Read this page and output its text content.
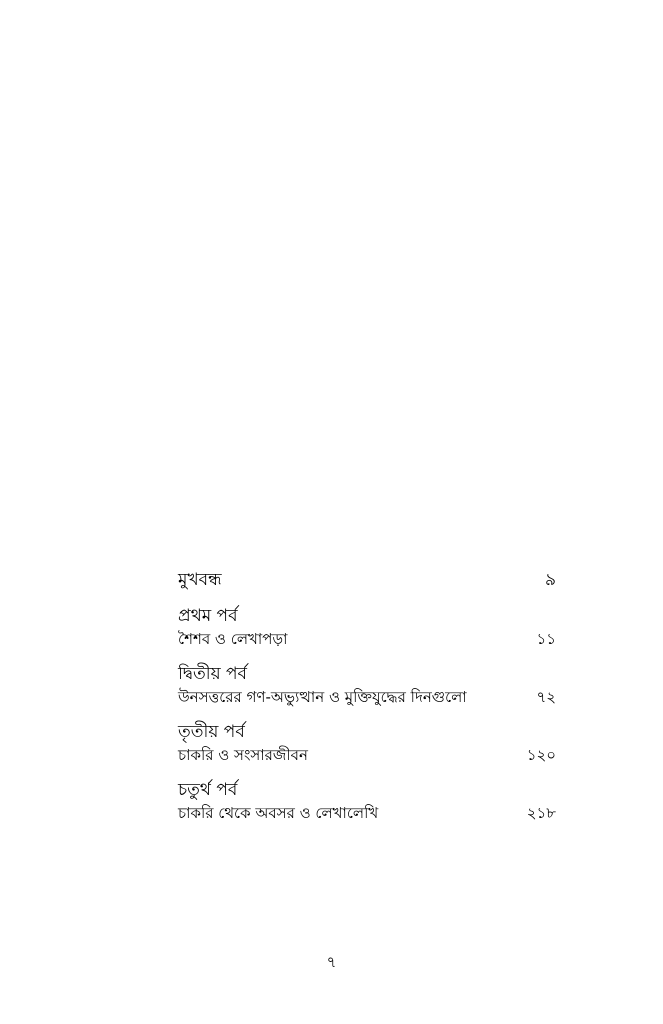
মুখবন্ধ	৯
প্রথম পর্ব
শৈশব ও লেখাপড়া	১১
দ্বিতীয় পর্ব
উনসত্তরের গণ-অভ্যুত্থান ও মুক্তিযুদ্ধের দিনগুলো	৭২
তৃতীয় পর্ব
চাকরি ও সংসারজীবন	১২০
চতুর্থ পর্ব
চাকরি থেকে অবসর ও লেখালেখি	২১৮
৭
